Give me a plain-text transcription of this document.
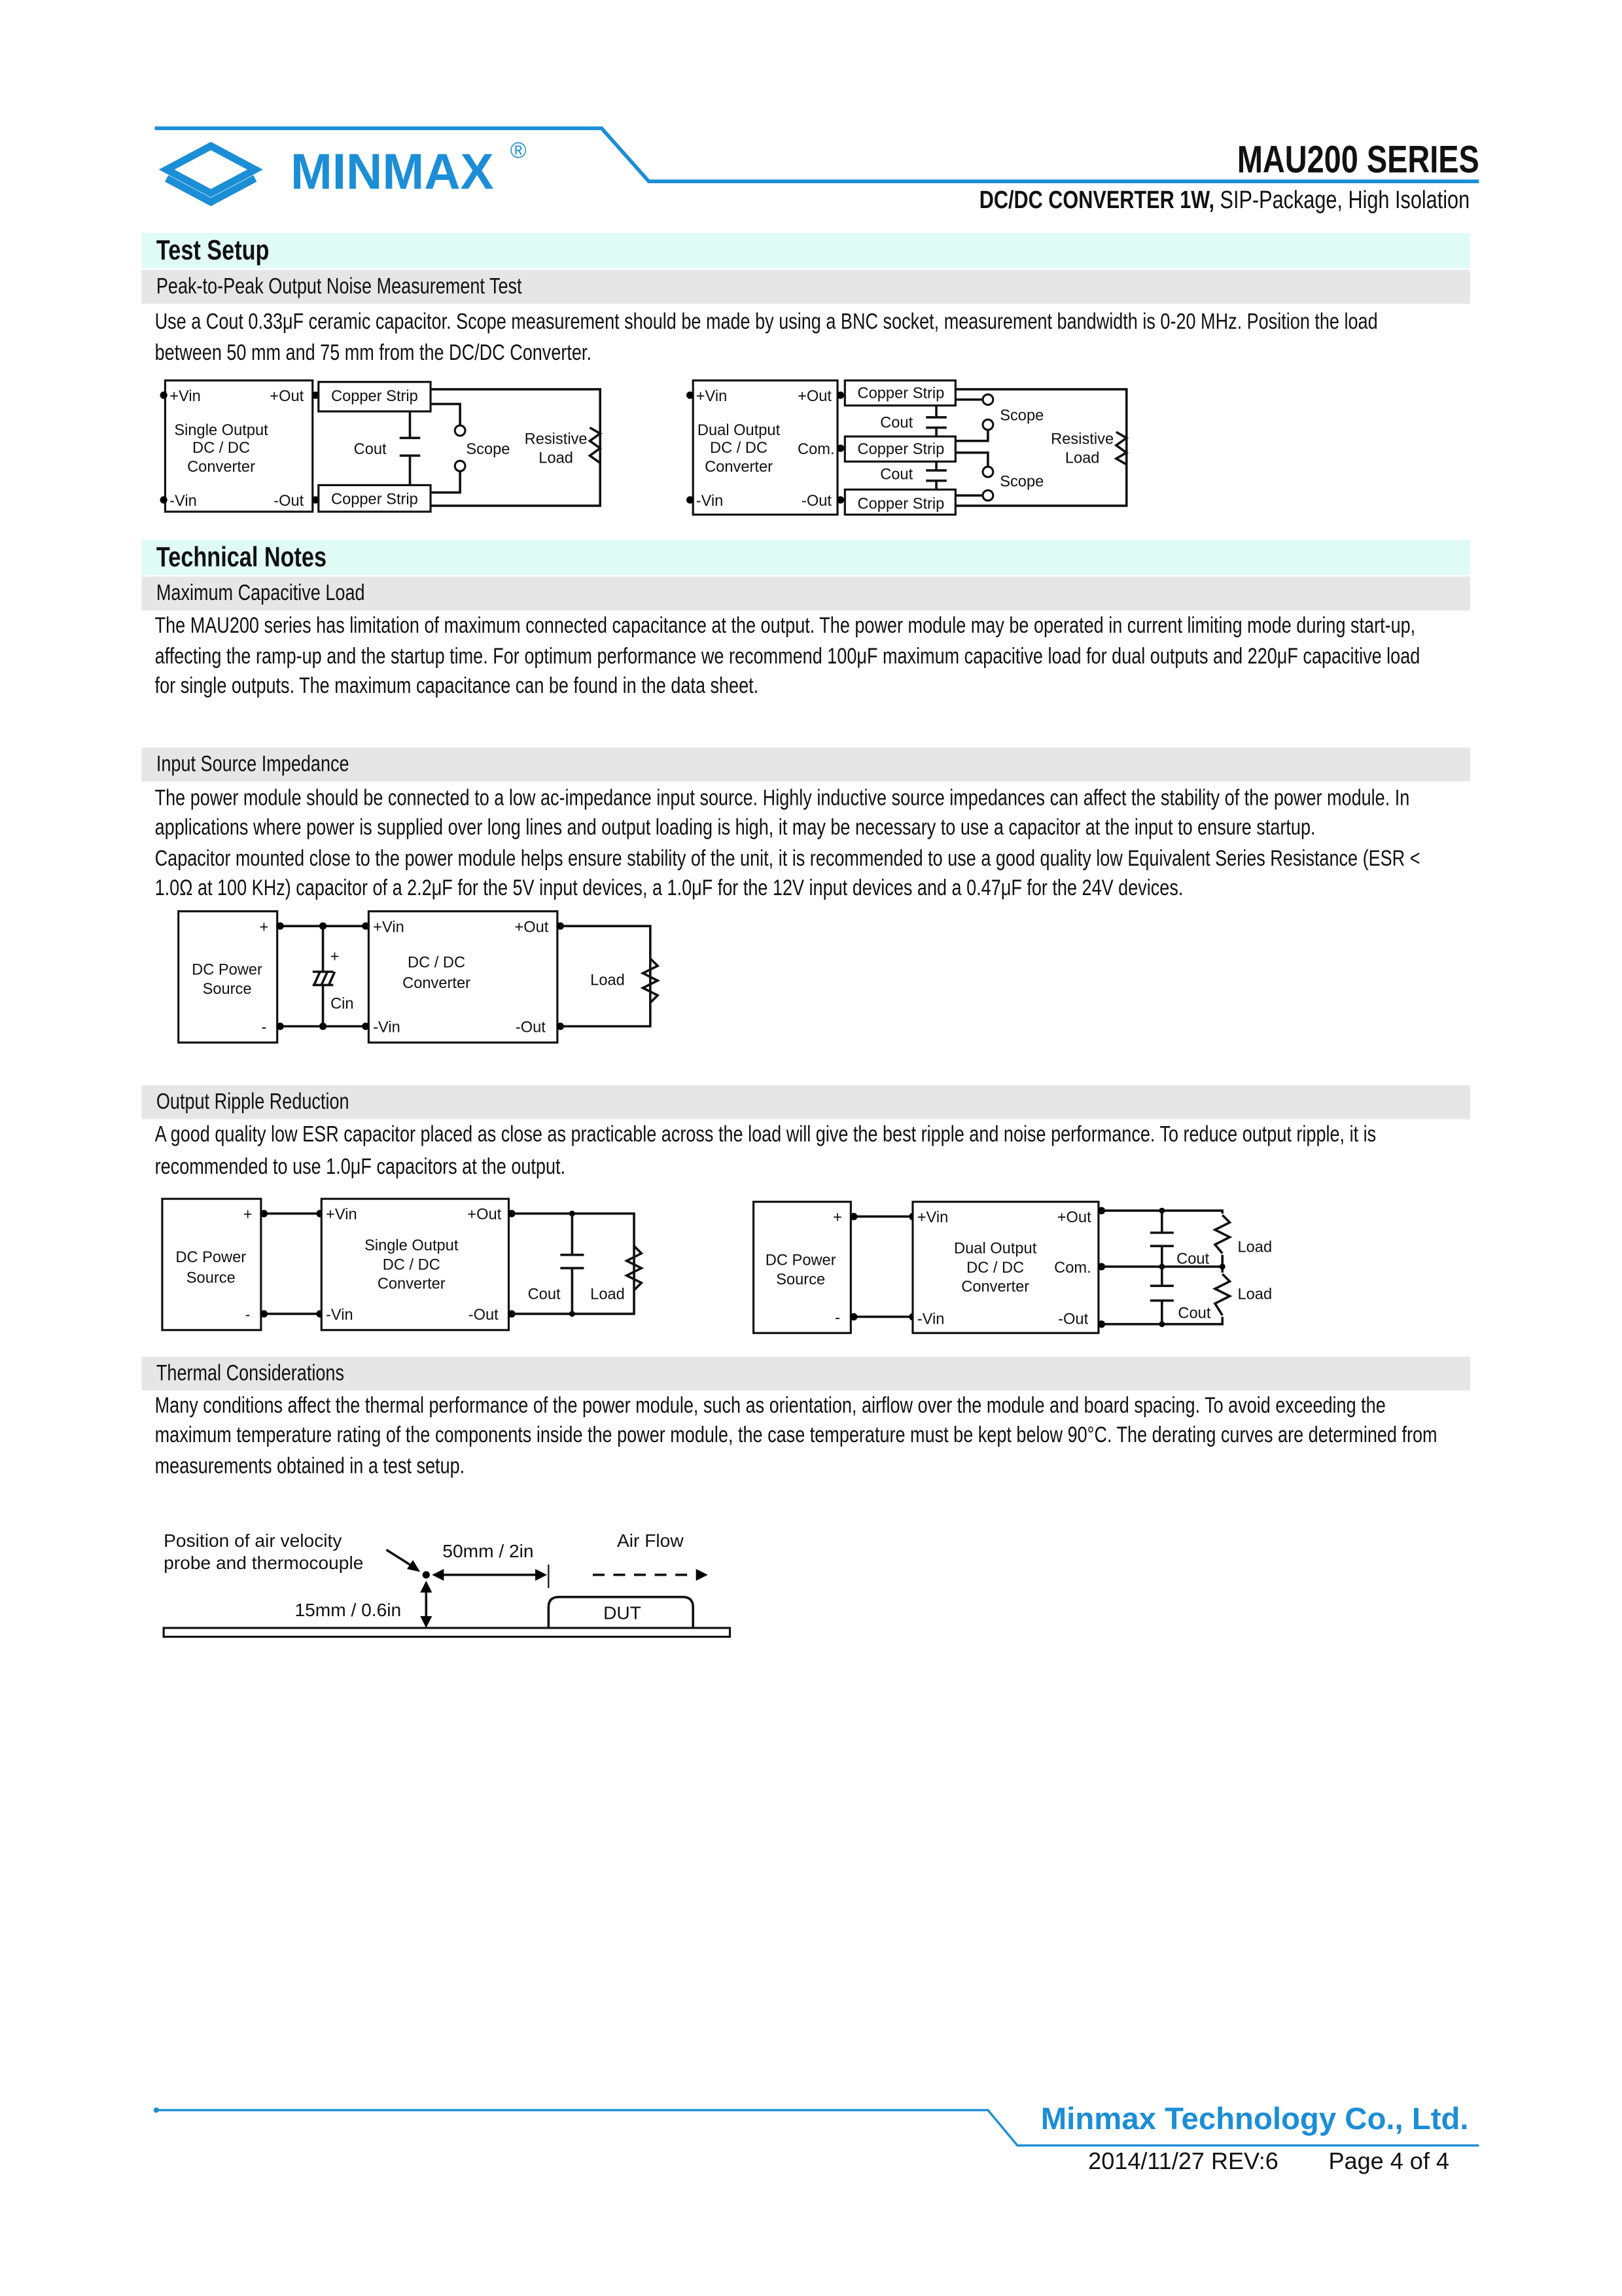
MINMAX ®	MAU200 SERIES
DC/DC CONVERTER 1W, SIP-Package, High Isolation
Test Setup
Peak-to-Peak Output Noise Measurement Test
Use a Cout 0.33μF ceramic capacitor. Scope measurement should be made by using a BNC socket, measurement bandwidth is 0-20 MHz. Position the load
between 50 mm and 75 mm from the DC/DC Converter.
+Vin	+Out
-Vin	-Out
Single Output
DC / DC
Converter
Copper Strip
Copper Strip
Resistive
Load
Scope
Cout
+Vin	+Out
Com.
-Vin	-Out
Dual Output
DC / DC
Converter
Copper Strip
Copper Strip
Copper Strip
Resistive
Load
Scope
Scope
Cout
Cout
+
-
DC Power
Source
+
Cin
+Vin	+Out
-Vin	-Out
DC / DC
Converter	Load
+
-
DC Power
Source
+Vin	+Out
-Vin	-Out
Single Output
DC / DC
Converter
Cout	Load
+
-
DC Power
Source
+Vin	+Out
Com.
-Vin	-Out
Dual Output
DC / DC
Converter
Load
Load
Cout
Cout
Position of air velocity
probe and thermocouple
50mm / 2in
15mm / 0.6in	DUT
Air Flow
Technical Notes
Maximum Capacitive Load
The MAU200 series has limitation of maximum connected capacitance at the output. The power module may be operated in current limiting mode during start-up,
affecting the ramp-up and the startup time. For optimum performance we recommend 100μF maximum capacitive load for dual outputs and 220μF capacitive load
for single outputs. The maximum capacitance can be found in the data sheet.
Input Source Impedance
The power module should be connected to a low ac-impedance input source. Highly inductive source impedances can affect the stability of the power module. In
applications where power is supplied over long lines and output loading is high, it may be necessary to use a capacitor at the input to ensure startup.
Capacitor mounted close to the power module helps ensure stability of the unit, it is recommended to use a good quality low Equivalent Series Resistance (ESR <
1.0Ω at 100 KHz) capacitor of a 2.2μF for the 5V input devices, a 1.0μF for the 12V input devices and a 0.47μF for the 24V devices.
Output Ripple Reduction
A good quality low ESR capacitor placed as close as practicable across the load will give the best ripple and noise performance. To reduce output ripple, it is
recommended to use 1.0μF capacitors at the output.
Thermal Considerations
Many conditions affect the thermal performance of the power module, such as orientation, airflow over the module and board spacing. To avoid exceeding the
maximum temperature rating of the components inside the power module, the case temperature must be kept below 90°C. The derating curves are determined from
measurements obtained in a test setup.
Minmax Technology Co., Ltd.
2014/11/27 REV:6	Page 4 of 4
